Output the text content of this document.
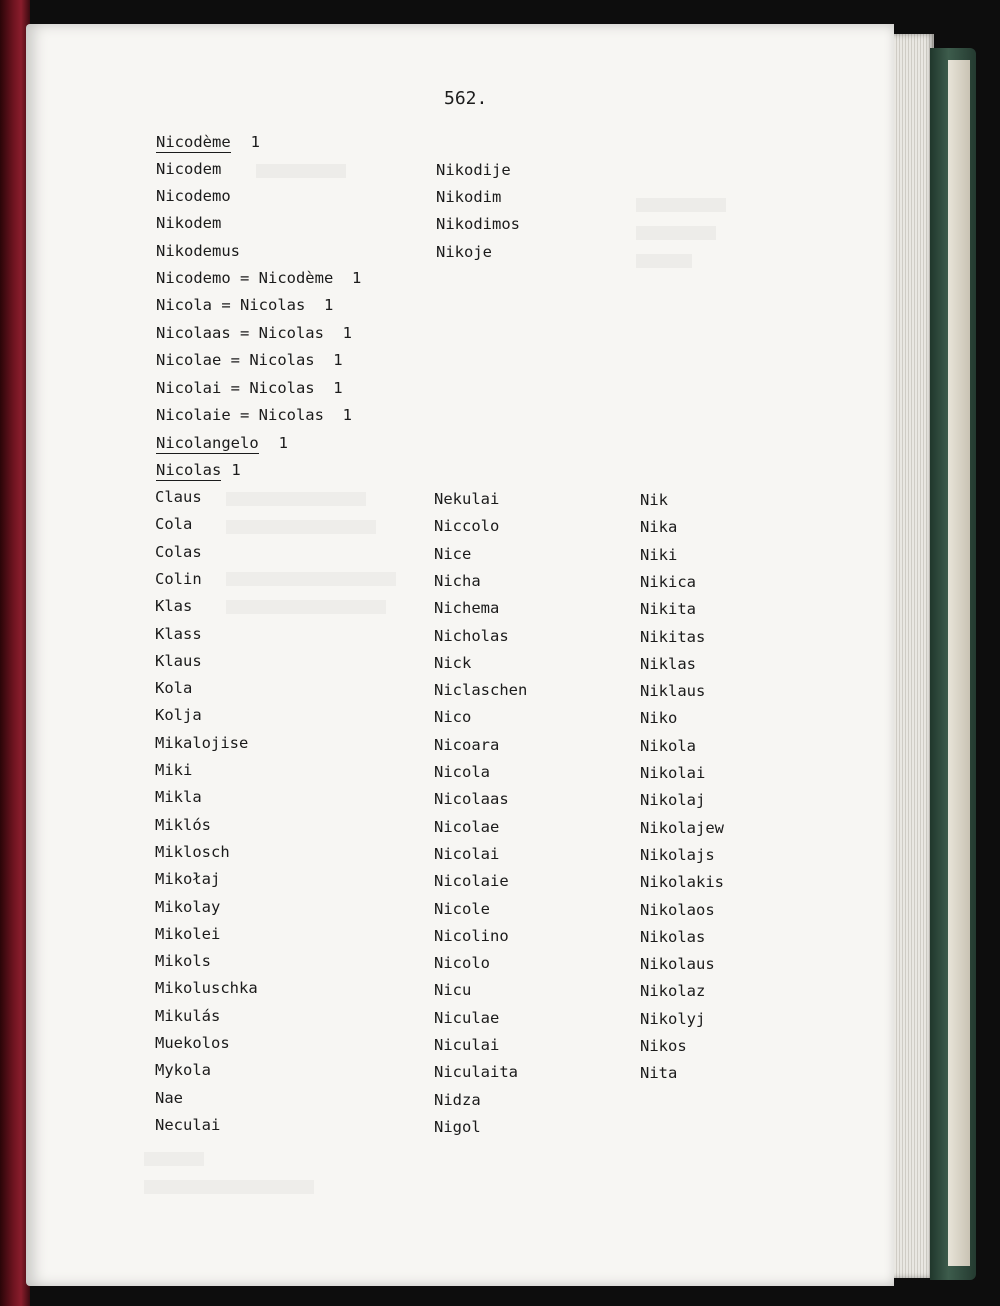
562.
Nicodème 1
Nicodem
Nicodemo
Nikodem
Nikodemus
Nikodije
Nikodim
Nikodimos
Nikoje
Nicodemo = Nicodème  1
Nicola = Nicolas  1
Nicolaas = Nicolas  1
Nicolae = Nicolas  1
Nicolai = Nicolas  1
Nicolaie = Nicolas  1
Nicolangelo 1
Nicolas 1
Claus
Cola
Colas
Colin
Klas
Klass
Klaus
Kola
Kolja
Mikalojise
Miki
Mikla
Miklós
Miklosch
Mikołaj
Mikolay
Mikolei
Mikols
Mikoluschka
Mikulás
Muekolos
Mykola
Nae
Neculai
Nekulai
Niccolo
Nice
Nicha
Nichema
Nicholas
Nick
Niclaschen
Nico
Nicoara
Nicola
Nicolaas
Nicolae
Nicolai
Nicolaie
Nicole
Nicolino
Nicolo
Nicu
Niculae
Niculai
Niculaita
Nidza
Nigol
Nik
Nika
Niki
Nikica
Nikita
Nikitas
Niklas
Niklaus
Niko
Nikola
Nikolai
Nikolaj
Nikolajew
Nikolajs
Nikolakis
Nikolaos
Nikolas
Nikolaus
Nikolaz
Nikolyj
Nikos
Nita
